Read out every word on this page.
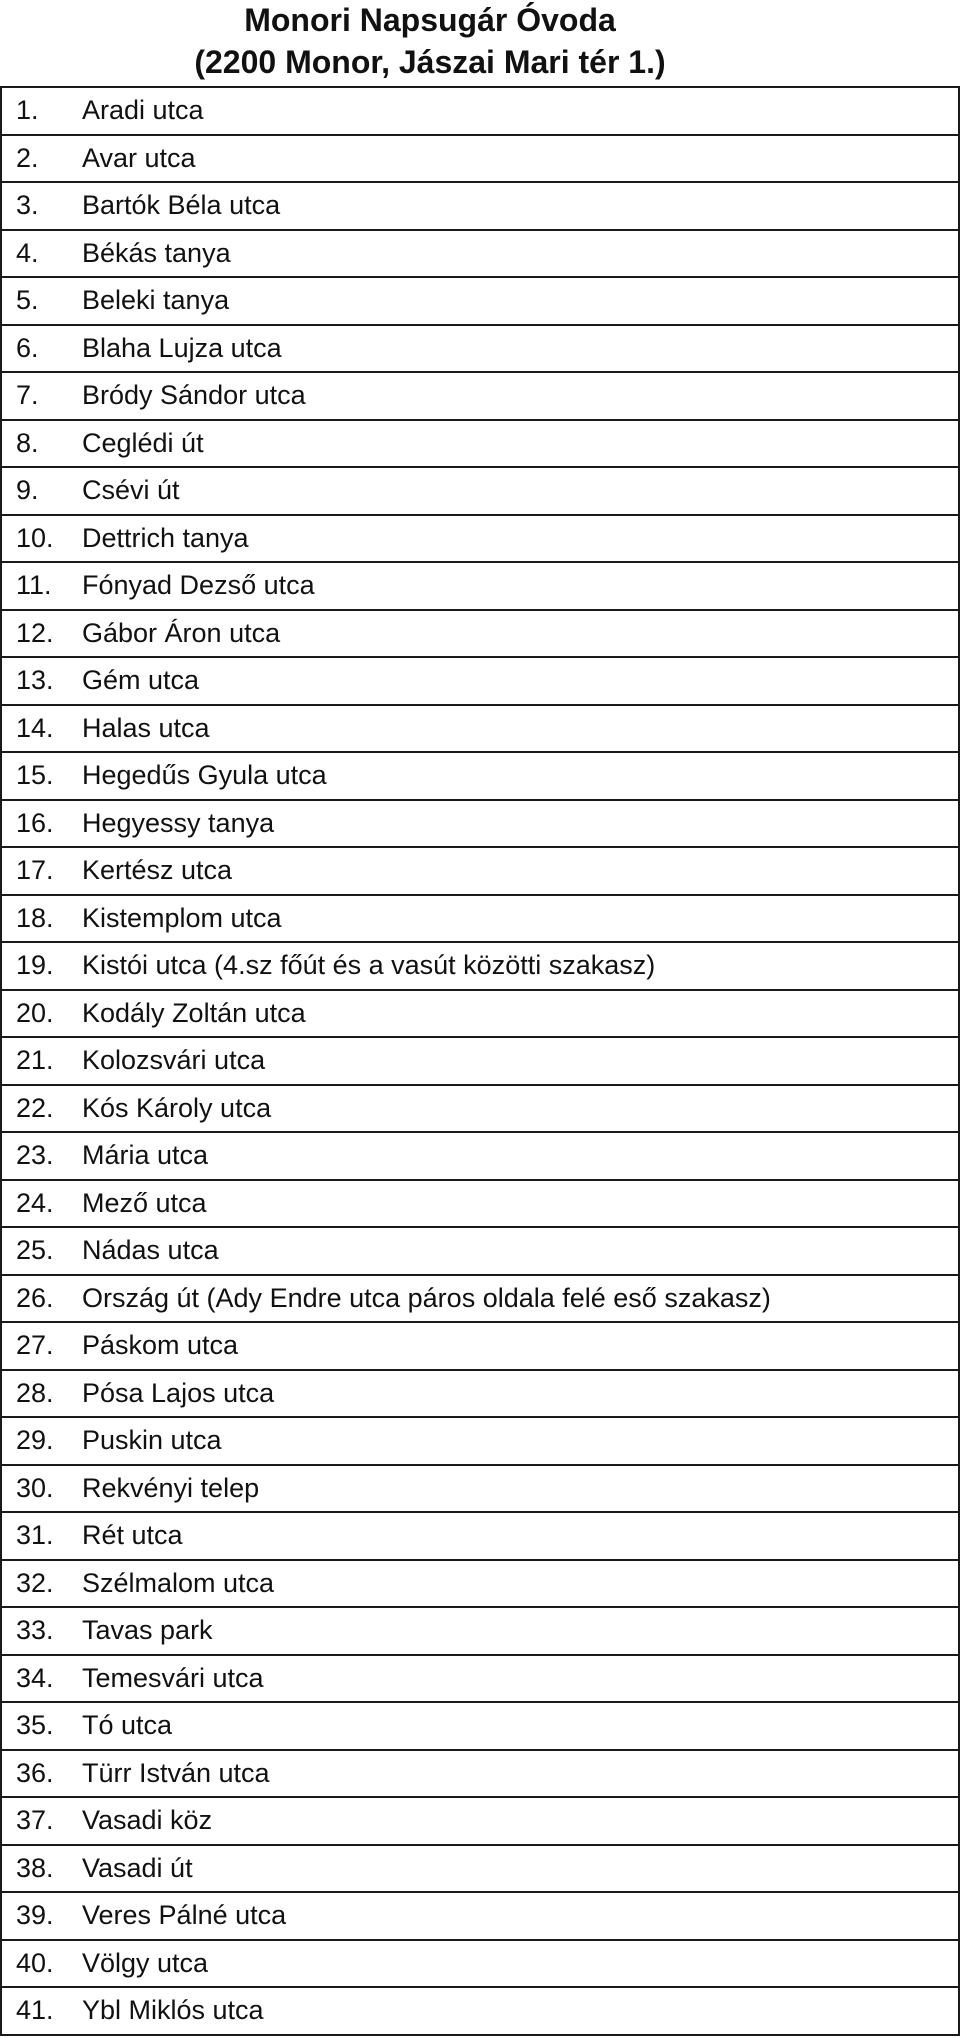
Monori Napsugár Óvoda
(2200 Monor, Jászai Mari tér 1.)
1. Aradi utca
2. Avar utca
3. Bartók Béla utca
4. Békás tanya
5. Beleki tanya
6. Blaha Lujza utca
7. Bródy Sándor utca
8. Ceglédi út
9. Csévi út
10. Dettrich tanya
11. Fónyad Dezső utca
12. Gábor Áron utca
13. Gém utca
14. Halas utca
15. Hegedűs Gyula utca
16. Hegyessy tanya
17. Kertész utca
18. Kistemplom utca
19. Kistói utca (4.sz főút és a vasút közötti szakasz)
20. Kodály Zoltán utca
21. Kolozsvári utca
22. Kós Károly utca
23. Mária utca
24. Mező utca
25. Nádas utca
26. Ország út (Ady Endre utca páros oldala felé eső szakasz)
27. Páskom utca
28. Pósa Lajos utca
29. Puskin utca
30. Rekvényi telep
31. Rét utca
32. Szélmalom utca
33. Tavas park
34. Temesvári utca
35. Tó utca
36. Türr István utca
37. Vasadi köz
38. Vasadi út
39. Veres Pálné utca
40. Völgy utca
41. Ybl Miklós utca
